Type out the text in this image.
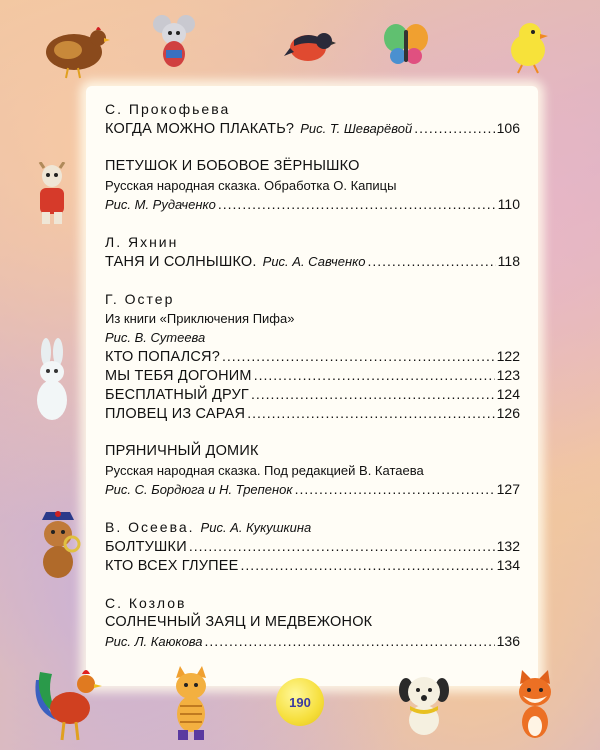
С. Прокофьева
КОГДА МОЖНО ПЛАКАТЬ? Рис. Т. Шеварёвой .....	106
ПЕТУШОК И БОБОВОЕ ЗЁРНЫШКО
Русская народная сказка. Обработка О. Капицы
Рис. М. Рудаченко .....	110
Л. Яхнин
ТАНЯ И СОЛНЫШКО. Рис. А. Савченко .....	118
Г. Остер
Из книги «Приключения Пифа»
Рис. В. Сутеева
КТО ПОПАЛСЯ? .....	122
МЫ ТЕБЯ ДОГОНИМ .....	123
БЕСПЛАТНЫЙ ДРУГ .....	124
ПЛОВЕЦ ИЗ САРАЯ .....	126
ПРЯНИЧНЫЙ ДОМИК
Русская народная сказка. Под редакцией В. Катаева
Рис. С. Бордюга и Н. Трепенок .....	127
В. Осеева. Рис. А. Кукушкина
БОЛТУШКИ .....	132
КТО ВСЕХ ГЛУПЕЕ .....	134
С. Козлов
СОЛНЕЧНЫЙ ЗАЯЦ И МЕДВЕЖОНОК
Рис. Л. Каюкова .....	136
190
